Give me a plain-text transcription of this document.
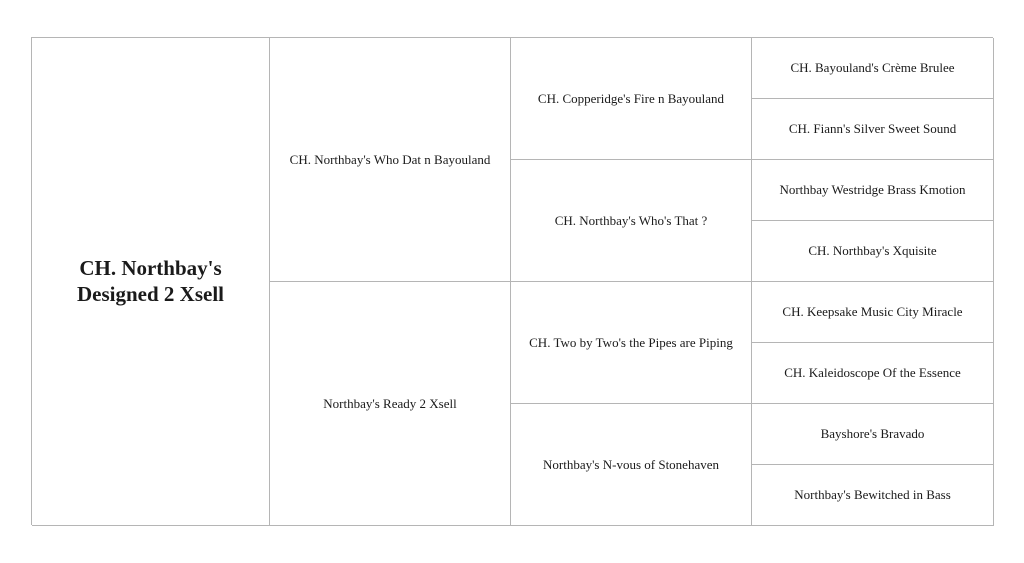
CH. Northbay's Designed 2 Xsell
CH. Northbay's Who Dat n Bayouland
Northbay's Ready 2 Xsell
CH. Copperidge's Fire n Bayouland
CH. Northbay's Who's That ?
CH. Two by Two's the Pipes are Piping
Northbay's N-vous of Stonehaven
CH. Bayouland's Crème Brulee
CH. Fiann's Silver Sweet Sound
Northbay Westridge Brass Kmotion
CH. Northbay's Xquisite
CH. Keepsake Music City Miracle
CH. Kaleidoscope Of the Essence
Bayshore's Bravado
Northbay's Bewitched in Bass
